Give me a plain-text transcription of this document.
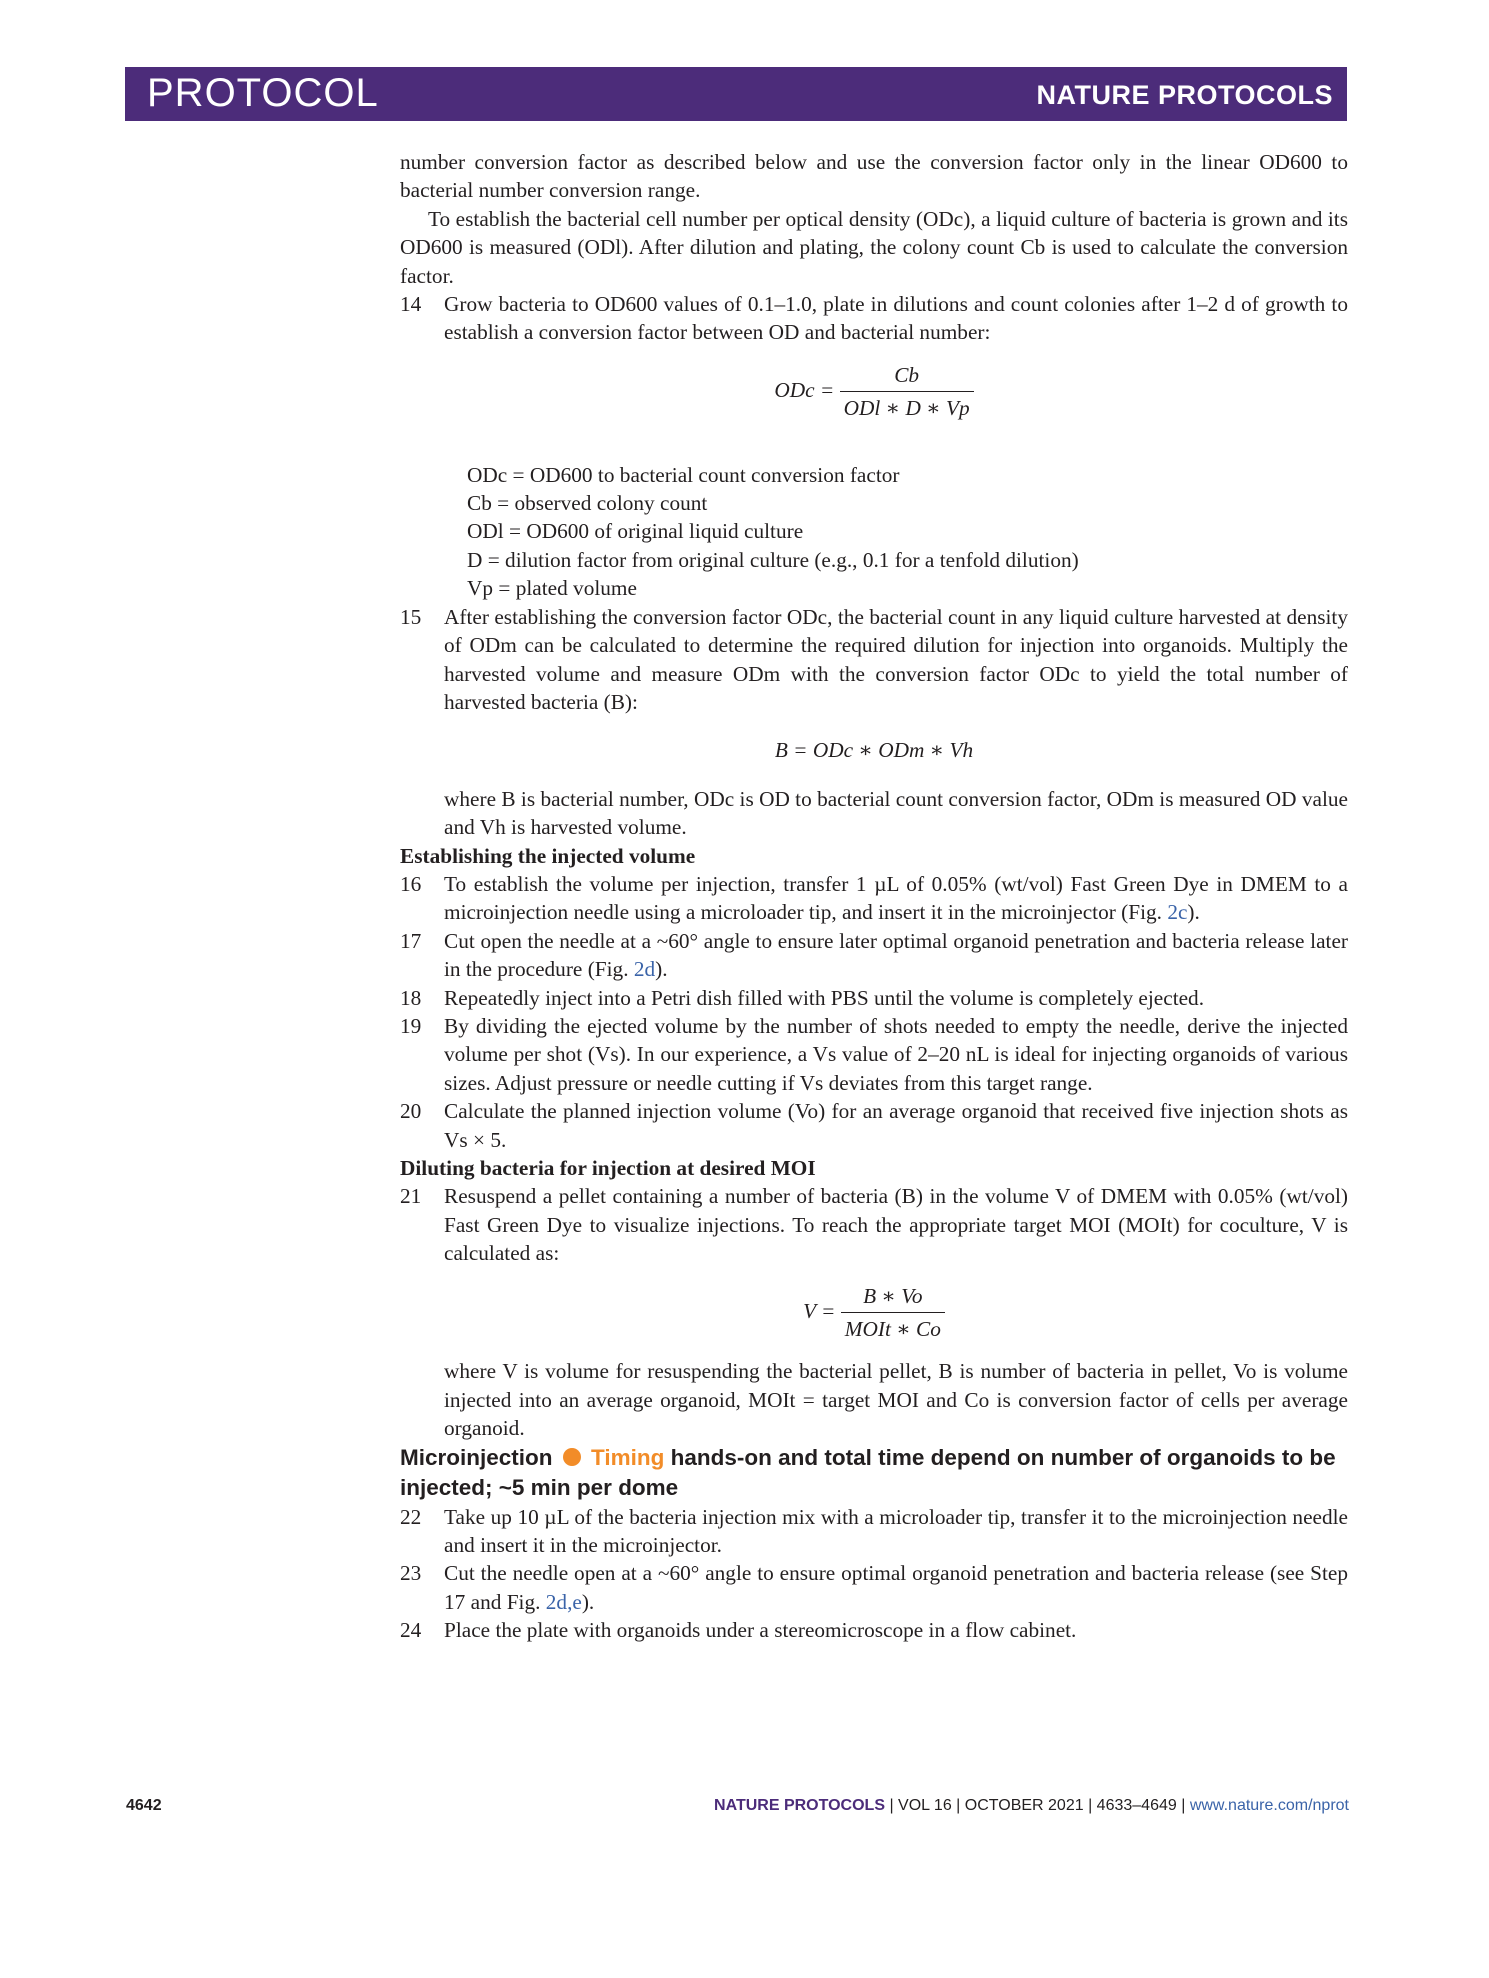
PROTOCOL	NATURE PROTOCOLS

number conversion factor as described below and use the conversion factor only in the linear OD600 to bacterial number conversion range.

To establish the bacterial cell number per optical density (ODc), a liquid culture of bacteria is grown and its OD600 is measured (ODl). After dilution and plating, the colony count Cb is used to calculate the conversion factor.

14 Grow bacteria to OD600 values of 0.1–1.0, plate in dilutions and count colonies after 1–2 d of growth to establish a conversion factor between OD and bacterial number:
ODc = $\frac{Cb}{\text{ODl ∗ D ∗ Vp}}$
ODc = OD600 to bacterial count conversion factor
Cb = observed colony count
ODl = OD600 of original liquid culture
D = dilution factor from original culture (e.g., 0.1 for a tenfold dilution)
Vp = plated volume
15 After establishing the conversion factor ODc, the bacterial count in any liquid culture harvested at density of ODm can be calculated to determine the required dilution for injection into organoids. Multiply the harvested volume and measure ODm with the conversion factor ODc to yield the total number of harvested bacteria (B):
B = ODc ∗ ODm ∗ Vh
where B is bacterial number, ODc is OD to bacterial count conversion factor, ODm is measured OD value and Vh is harvested volume.

Establishing the injected volume

16 To establish the volume per injection, transfer 1 µL of 0.05% (wt/vol) Fast Green Dye in DMEM to a microinjection needle using a microloader tip, and insert it in the microinjector (Fig. 2c).
17 Cut open the needle at a ~60° angle to ensure later optimal organoid penetration and bacteria release later in the procedure (Fig. 2d).
18 Repeatedly inject into a Petri dish filled with PBS until the volume is completely ejected.
19 By dividing the ejected volume by the number of shots needed to empty the needle, derive the injected volume per shot (Vs). In our experience, a Vs value of 2–20 nL is ideal for injecting organoids of various sizes. Adjust pressure or needle cutting if Vs deviates from this target range.
20 Calculate the planned injection volume (Vo) for an average organoid that received five injection shots as Vs × 5.

Diluting bacteria for injection at desired MOI

21 Resuspend a pellet containing a number of bacteria (B) in the volume V of DMEM with 0.05% (wt/vol) Fast Green Dye to visualize injections. To reach the appropriate target MOI (MOIt) for coculture, V is calculated as:
$V = \frac{B ∗ Vo}{\text{MOIt ∗ Co}}$
where V is volume for resuspending the bacterial pellet, B is number of bacteria in pellet, Vo is volume injected into an average organoid, MOIt = target MOI and Co is conversion factor of cells per average organoid.

Microinjection Timing hands-on and total time depend on number of organoids to be injected; ~5 min per dome

22 Take up 10 µL of the bacteria injection mix with a microloader tip, transfer it to the microinjection needle and insert it in the microinjector.
23 Cut the needle open at a ~60° angle to ensure optimal organoid penetration and bacteria release (see Step 17 and Fig. 2d,e).
24 Place the plate with organoids under a stereomicroscope in a flow cabinet.
4642	NATURE PROTOCOLS | VOL 16 | OCTOBER 2021 | 4633–4649 | www.nature.com/nprot
